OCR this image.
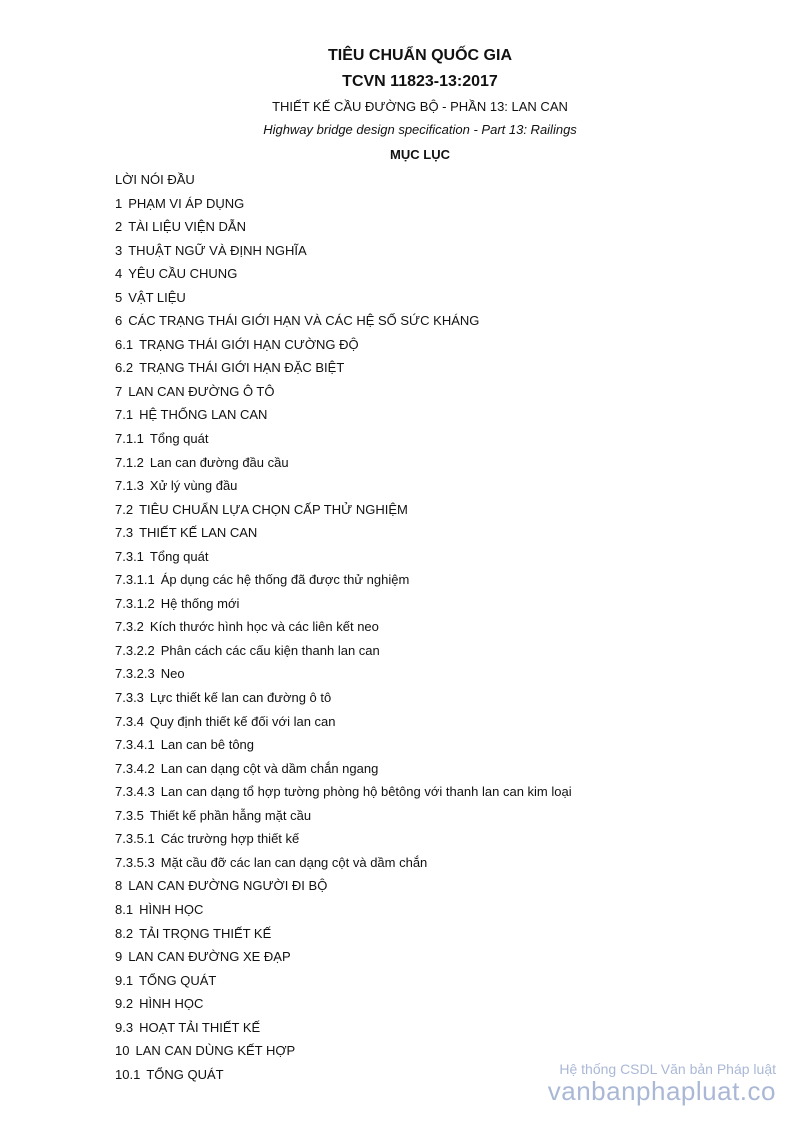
TIÊU CHUẨN QUỐC GIA
TCVN 11823-13:2017
THIẾT KẾ CẦU ĐƯỜNG BỘ - PHẦN 13: LAN CAN
Highway bridge design specification - Part 13: Railings
MỤC LỤC
LỜI NÓI ĐẦU
1 PHẠM VI ÁP DỤNG
2 TÀI LIỆU VIỆN DẪN
3 THUẬT NGỮ VÀ ĐỊNH NGHĨA
4 YÊU CẦU CHUNG
5 VẬT LIỆU
6 CÁC TRẠNG THÁI GIỚI HẠN VÀ CÁC HỆ SỐ SỨC KHÁNG
6.1 TRẠNG THÁI GIỚI HẠN CƯỜNG ĐỘ
6.2 TRẠNG THÁI GIỚI HẠN ĐẶC BIỆT
7 LAN CAN ĐƯỜNG Ô TÔ
7.1 HỆ THỐNG LAN CAN
7.1.1 Tổng quát
7.1.2 Lan can đường đầu cầu
7.1.3 Xử lý vùng đầu
7.2 TIÊU CHUẨN LỰA CHỌN CẤP THỬ NGHIỆM
7.3 THIẾT KẾ LAN CAN
7.3.1 Tổng quát
7.3.1.1 Áp dụng các hệ thống đã được thử nghiệm
7.3.1.2 Hệ thống mới
7.3.2 Kích thước hình học và các liên kết neo
7.3.2.2 Phân cách các cấu kiện thanh lan can
7.3.2.3 Neo
7.3.3 Lực thiết kế lan can đường ô tô
7.3.4 Quy định thiết kế đối với lan can
7.3.4.1 Lan can bê tông
7.3.4.2 Lan can dạng cột và dầm chắn ngang
7.3.4.3 Lan can dạng tổ hợp tường phòng hộ bêtông với thanh lan can kim loại
7.3.5 Thiết kế phần hẫng mặt cầu
7.3.5.1 Các trường hợp thiết kế
7.3.5.3 Mặt cầu đỡ các lan can dạng cột và dầm chắn
8 LAN CAN ĐƯỜNG NGƯỜI ĐI BỘ
8.1 HÌNH HỌC
8.2 TẢI TRỌNG THIẾT KẾ
9 LAN CAN ĐƯỜNG XE ĐẠP
9.1 TỔNG QUÁT
9.2 HÌNH HỌC
9.3 HOẠT TẢI THIẾT KẾ
10 LAN CAN DÙNG KẾT HỢP
10.1 TỔNG QUÁT	Hệ thống CSDL Văn bản Pháp luật
vanbanphapluat.co
